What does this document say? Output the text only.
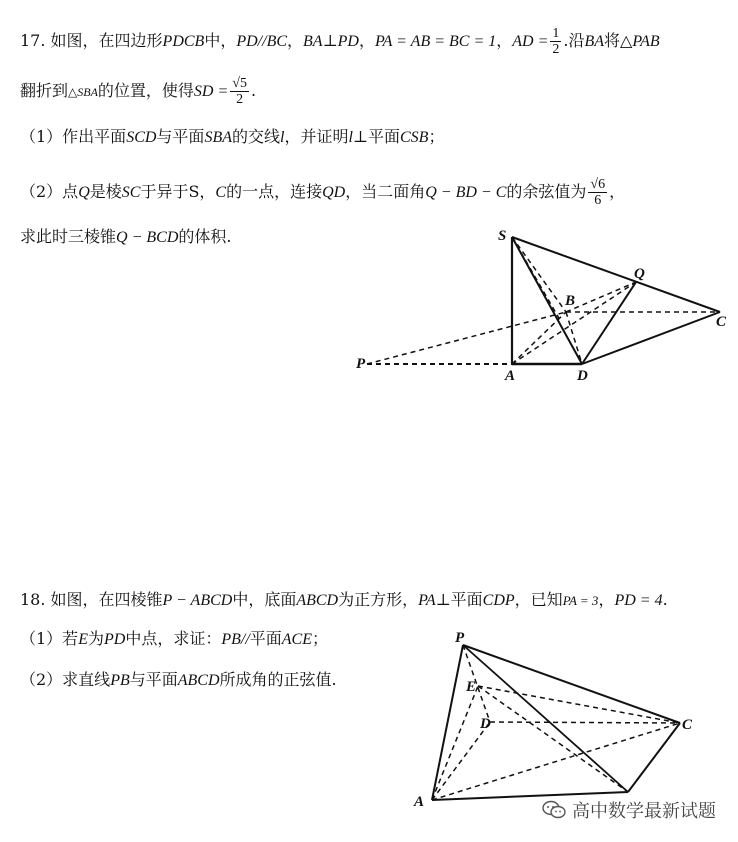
17. 如图，在四边形PDCB中，PD//BC，BA⊥PD，PA = AB = BC = 1，AD = $\frac{1}{2}$ .沿BA将△PAB
翻折到△SBA的位置，使得SD = $\frac{√5}{2}$ .
（1）作出平面SCD与平面SBA的交线l，并证明l⊥平面CSB；
（2）点Q是棱SC于异于S，C的一点，连接QD，当二面角Q − BD − C的余弦值为 $\frac{√6}{6}$ ，
求此时三棱锥Q − BCD的体积.	S
Q
B
C
P
A	D
P
E
D	C
A
18. 如图，在四棱锥P − ABCD中，底面ABCD为正方形，PA⊥平面CDP，已知PA = 3，PD = 4.
（1）若E为PD中点，求证：PB//平面ACE；
（2）求直线PB与平面ABCD所成角的正弦值.
高中数学最新试题
